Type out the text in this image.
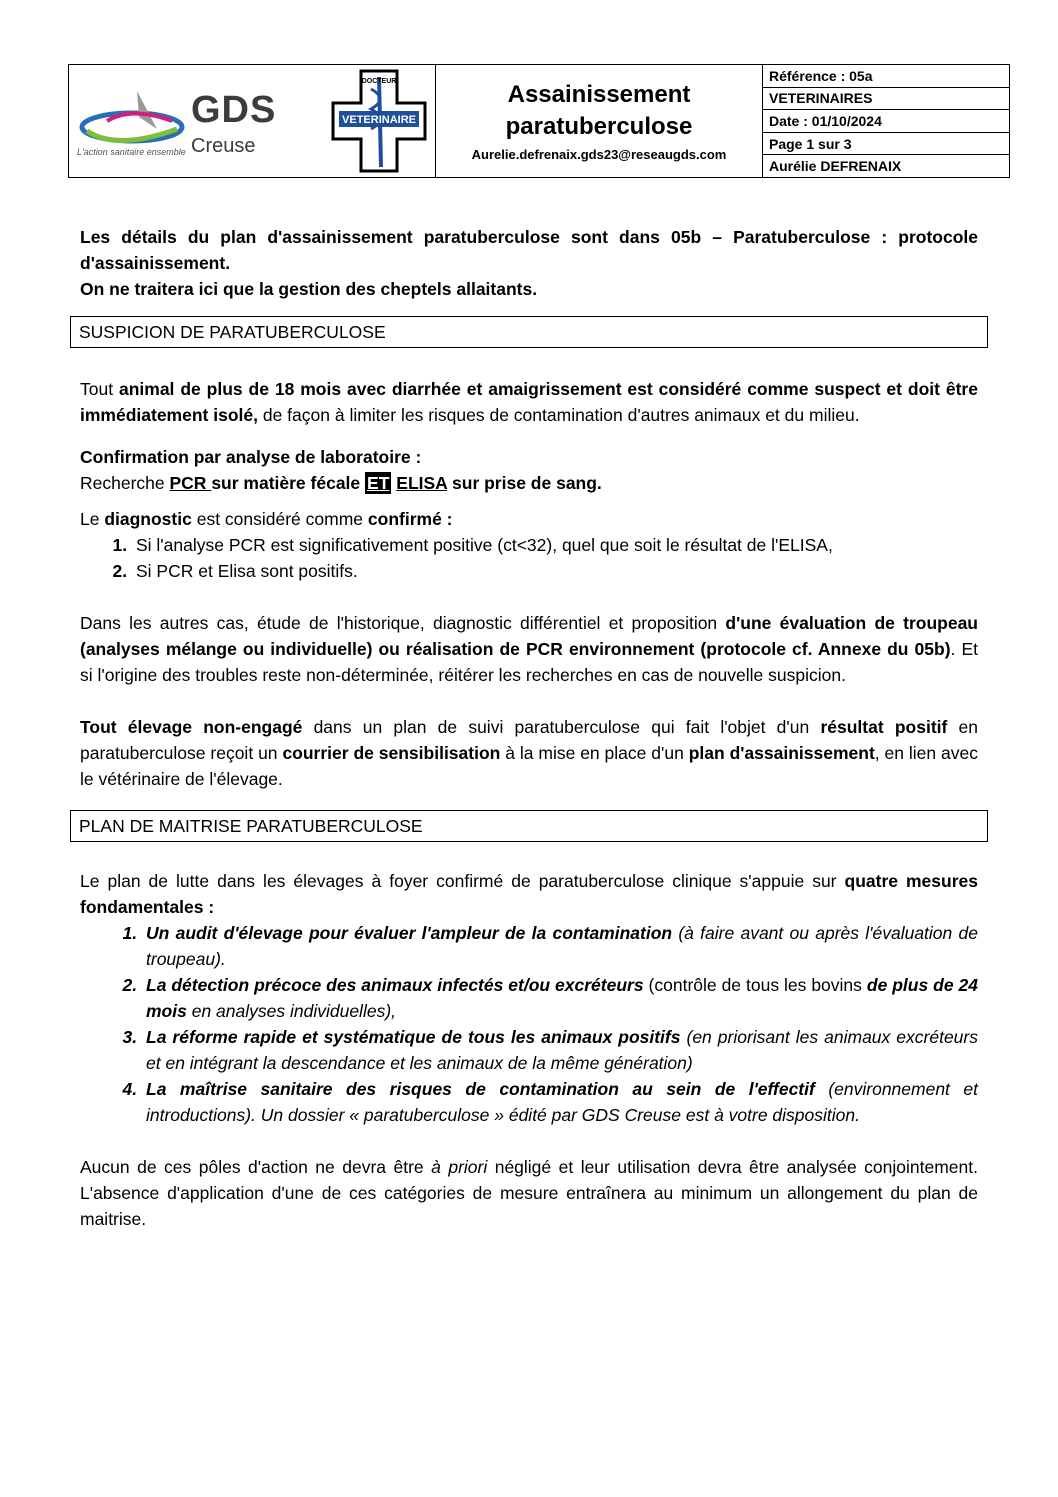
GDS
Creuse
L'action sanitaire ensemble
VETERINAIRE
DOCTEUR	Assainissement
paratuberculose
Aurelie.defrenaix.gds23@reseaugds.com
Référence : 05a
VETERINAIRES
Date : 01/10/2024
Page 1 sur 3
Aurélie DEFRENAIX

Les détails du plan d'assainissement paratuberculose sont dans 05b – Paratuberculose : protocole d'assainissement.

On ne traitera ici que la gestion des cheptels allaitants.

SUSPICION DE PARATUBERCULOSE

Tout animal de plus de 18 mois avec diarrhée et amaigrissement est considéré comme suspect et doit être immédiatement isolé, de façon à limiter les risques de contamination d'autres animaux et du milieu.

Confirmation par analyse de laboratoire :

Recherche PCR sur matière fécale ET ELISA sur prise de sang.

Le diagnostic est considéré comme confirmé :

1. Si l'analyse PCR est significativement positive (ct<32), quel que soit le résultat de l'ELISA,
2. Si PCR et Elisa sont positifs.

Dans les autres cas, étude de l'historique, diagnostic différentiel et proposition d'une évaluation de troupeau (analyses mélange ou individuelle) ou réalisation de PCR environnement (protocole cf. Annexe du 05b). Et si l'origine des troubles reste non-déterminée, réitérer les recherches en cas de nouvelle suspicion.

Tout élevage non-engagé dans un plan de suivi paratuberculose qui fait l'objet d'un résultat positif en paratuberculose reçoit un courrier de sensibilisation à la mise en place d'un plan d'assainissement, en lien avec le vétérinaire de l'élevage.

PLAN DE MAITRISE PARATUBERCULOSE

Le plan de lutte dans les élevages à foyer confirmé de paratuberculose clinique s'appuie sur quatre mesures fondamentales :

1. Un audit d'élevage pour évaluer l'ampleur de la contamination (à faire avant ou après l'évaluation de troupeau).
2. La détection précoce des animaux infectés et/ou excréteurs (contrôle de tous les bovins de plus de 24 mois en analyses individuelles),
3. La réforme rapide et systématique de tous les animaux positifs (en priorisant les animaux excréteurs et en intégrant la descendance et les animaux de la même génération)
4. La maîtrise sanitaire des risques de contamination au sein de l'effectif (environnement et introductions). Un dossier « paratuberculose » édité par GDS Creuse est à votre disposition.

Aucun de ces pôles d'action ne devra être à priori négligé et leur utilisation devra être analysée conjointement. L'absence d'application d'une de ces catégories de mesure entraînera au minimum un allongement du plan de maitrise.
